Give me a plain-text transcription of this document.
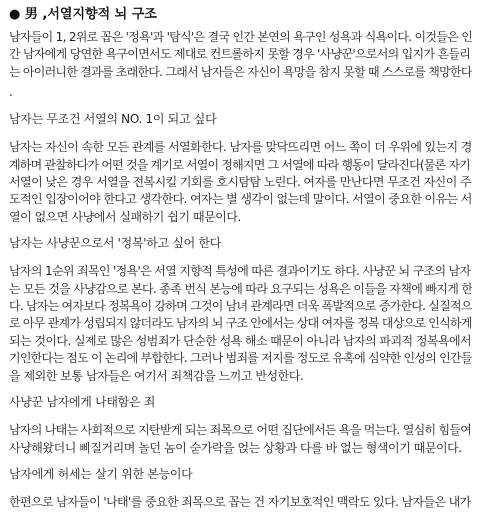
● 男 ,서열지향적 뇌 구조
남자들이 1, 2위로 꼽은 '정욕'과 '탐식'은 결국 인간 본연의 욕구인 성욕과 식욕이다. 이것들은 인
간 남자에게 당연한 욕구이면서도 제대로 컨트롤하지 못할 경우 '사냥꾼'으로서의 입지가 흔들리
는 아이러니한 결과를 초래한다. 그래서 남자들은 자신이 욕망을 참지 못할 때 스스로를 책망한다
.
남자는 무조건 서열의 NO. 1이 되고 싶다
남자는 자신이 속한 모든 관계를 서열화한다. 남자를 맞닥뜨리면 어느 쪽이 더 우위에 있는지 경
계하며 관찰하다가 어떤 것을 계기로 서열이 정해지면 그 서열에 따라 행동이 달라진다(물론 자기
서열이 낮은 경우 서열을 전복시킬 기회를 호시탐탐 노린다. 여자를 만난다면 무조건 자신이 주
도적인 입장이어야 한다고 생각한다. 여자는 별 생각이 없는데 말이다. 서열이 중요한 이유는 서
열이 없으면 사냥에서 실패하기 쉽기 때문이다.
남자는 사냥꾼으로서 '정복'하고 싶어 한다
남자의 1순위 죄목인 '정욕'은 서열 지향적 특성에 따른 결과이기도 하다. 사냥꾼 뇌 구조의 남자
는 모든 것을 사냥감으로 본다. 종족 번식 본능에 따라 요구되는 성욕은 이들을 자책에 빠지게 한
다. 남자는 여자보다 정복욕이 강하며 그것이 남녀 관계라면 더욱 폭발적으로 증가한다. 실질적으
로 아무 관계가 성립되지 않더라도 남자의 뇌 구조 안에서는 상대 여자를 정복 대상으로 인식하게
되는 것이다. 실제로 많은 성범죄가 단순한 성욕 해소 때문이 아니라 남자의 파괴적 정복욕에서
기인한다는 점도 이 논리에 부합한다. 그러나 범죄를 저지를 정도로 유혹에 심약한 인성의 인간들
을 제외한 보통 남자들은 여기서 죄책감을 느끼고 반성한다.
사냥꾼 남자에게 나태함은 죄
남자의 나태는 사회적으로 지탄받게 되는 죄목으로 어떤 집단에서든 욕을 먹는다. 열심히 힘들여
사냥해왔더니 삐질거리며 놀던 놈이 숟가락을 얹는 상황과 다를 바 없는 형색이기 때문이다.
남자에게 허세는 살기 위한 본능이다
한편으로 남자들이 '나태'를 중요한 죄목으로 꼽는 건 자기보호적인 맥락도 있다. 남자들은 내가
